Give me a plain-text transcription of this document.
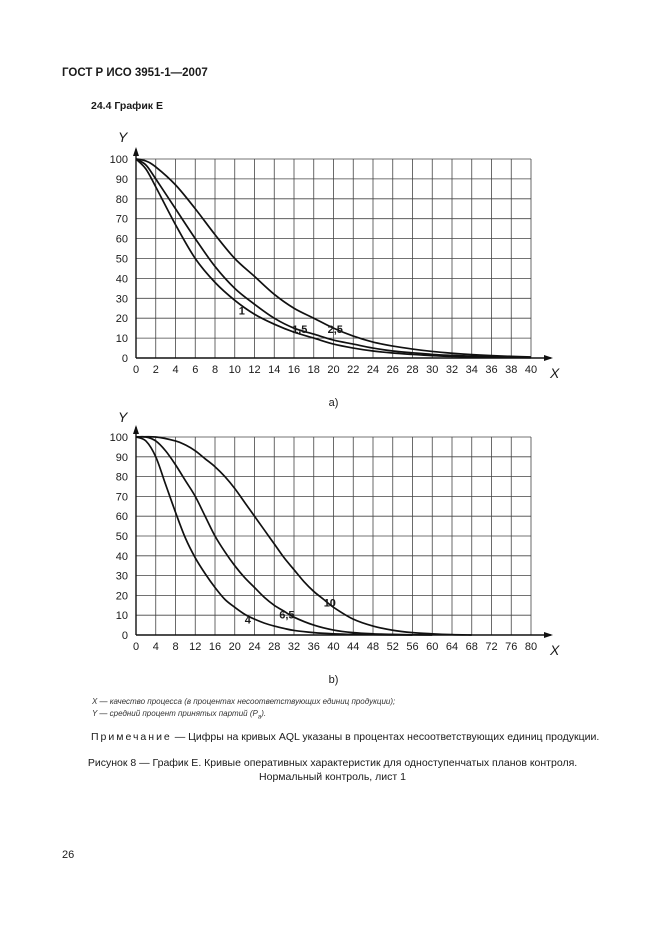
ГОСТ Р ИСО 3951-1—2007
24.4 График Е
0 2 4 6 8 10 12 14 16 18 20 22 24 26 28 30 32 34 36 38 40
0
10
20
30
40
50
60
70
80
90
100
X
Y
a)
1
1,5 2,5
0 4 8 12 16 20 24 28 32 36 40 44 48 52 56 60 64 68 72 76 80
0
10
20
30
40
50
60
70
80
90
100
X
Y
b)
4	6,5
10
X — качество процесса (в процентах несоответствующих единиц продукции);
Y — средний процент принятых партий $(P_a)$.
Примечание — Цифры на кривых AQL указаны в процентах несоответствующих единиц продукции.
Рисунок 8 — График Е. Кривые оперативных характеристик для одноступенчатых планов контроля.
Нормальный контроль, лист 1
26
